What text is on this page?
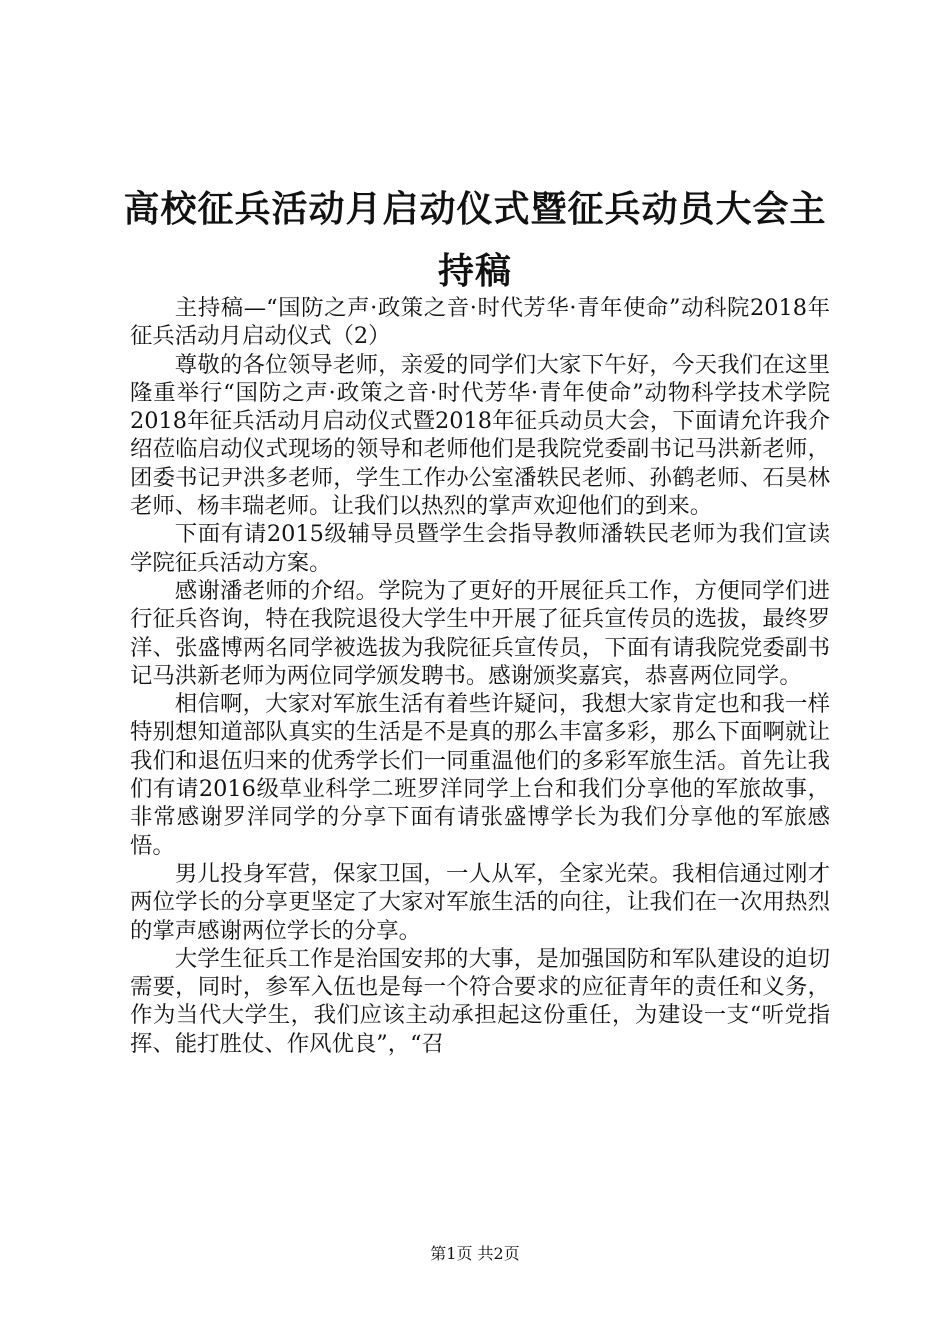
高校征兵活动月启动仪式暨征兵动员大会主持稿

主持稿—“国防之声·政策之音·时代芳华·青年使命”动科院2018年征兵活动月启动仪式（2）

尊敬的各位领导老师，亲爱的同学们大家下午好，今天我们在这里隆重举行“国防之声·政策之音·时代芳华·青年使命”动物科学技术学院2018年征兵活动月启动仪式暨2018年征兵动员大会，下面请允许我介绍莅临启动仪式现场的领导和老师他们是我院党委副书记马洪新老师，团委书记尹洪多老师，学生工作办公室潘轶民老师、孙鹤老师、石昊林老师、杨丰瑞老师。让我们以热烈的掌声欢迎他们的到来。

下面有请2015级辅导员暨学生会指导教师潘轶民老师为我们宣读学院征兵活动方案。

感谢潘老师的介绍。学院为了更好的开展征兵工作，方便同学们进行征兵咨询，特在我院退役大学生中开展了征兵宣传员的选拔，最终罗洋、张盛博两名同学被选拔为我院征兵宣传员，下面有请我院党委副书记马洪新老师为两位同学颁发聘书。感谢颁奖嘉宾，恭喜两位同学。

相信啊，大家对军旅生活有着些许疑问，我想大家肯定也和我一样特别想知道部队真实的生活是不是真的那么丰富多彩，那么下面啊就让我们和退伍归来的优秀学长们一同重温他们的多彩军旅生活。首先让我们有请2016级草业科学二班罗洋同学上台和我们分享他的军旅故事，非常感谢罗洋同学的分享下面有请张盛博学长为我们分享他的军旅感悟。

男儿投身军营，保家卫国，一人从军，全家光荣。我相信通过刚才两位学长的分享更坚定了大家对军旅生活的向往，让我们在一次用热烈的掌声感谢两位学长的分享。

大学生征兵工作是治国安邦的大事，是加强国防和军队建设的迫切需要，同时，参军入伍也是每一个符合要求的应征青年的责任和义务，作为当代大学生，我们应该主动承担起这份重任，为建设一支“听党指挥、能打胜仗、作风优良”，“召

第1页 共2页
